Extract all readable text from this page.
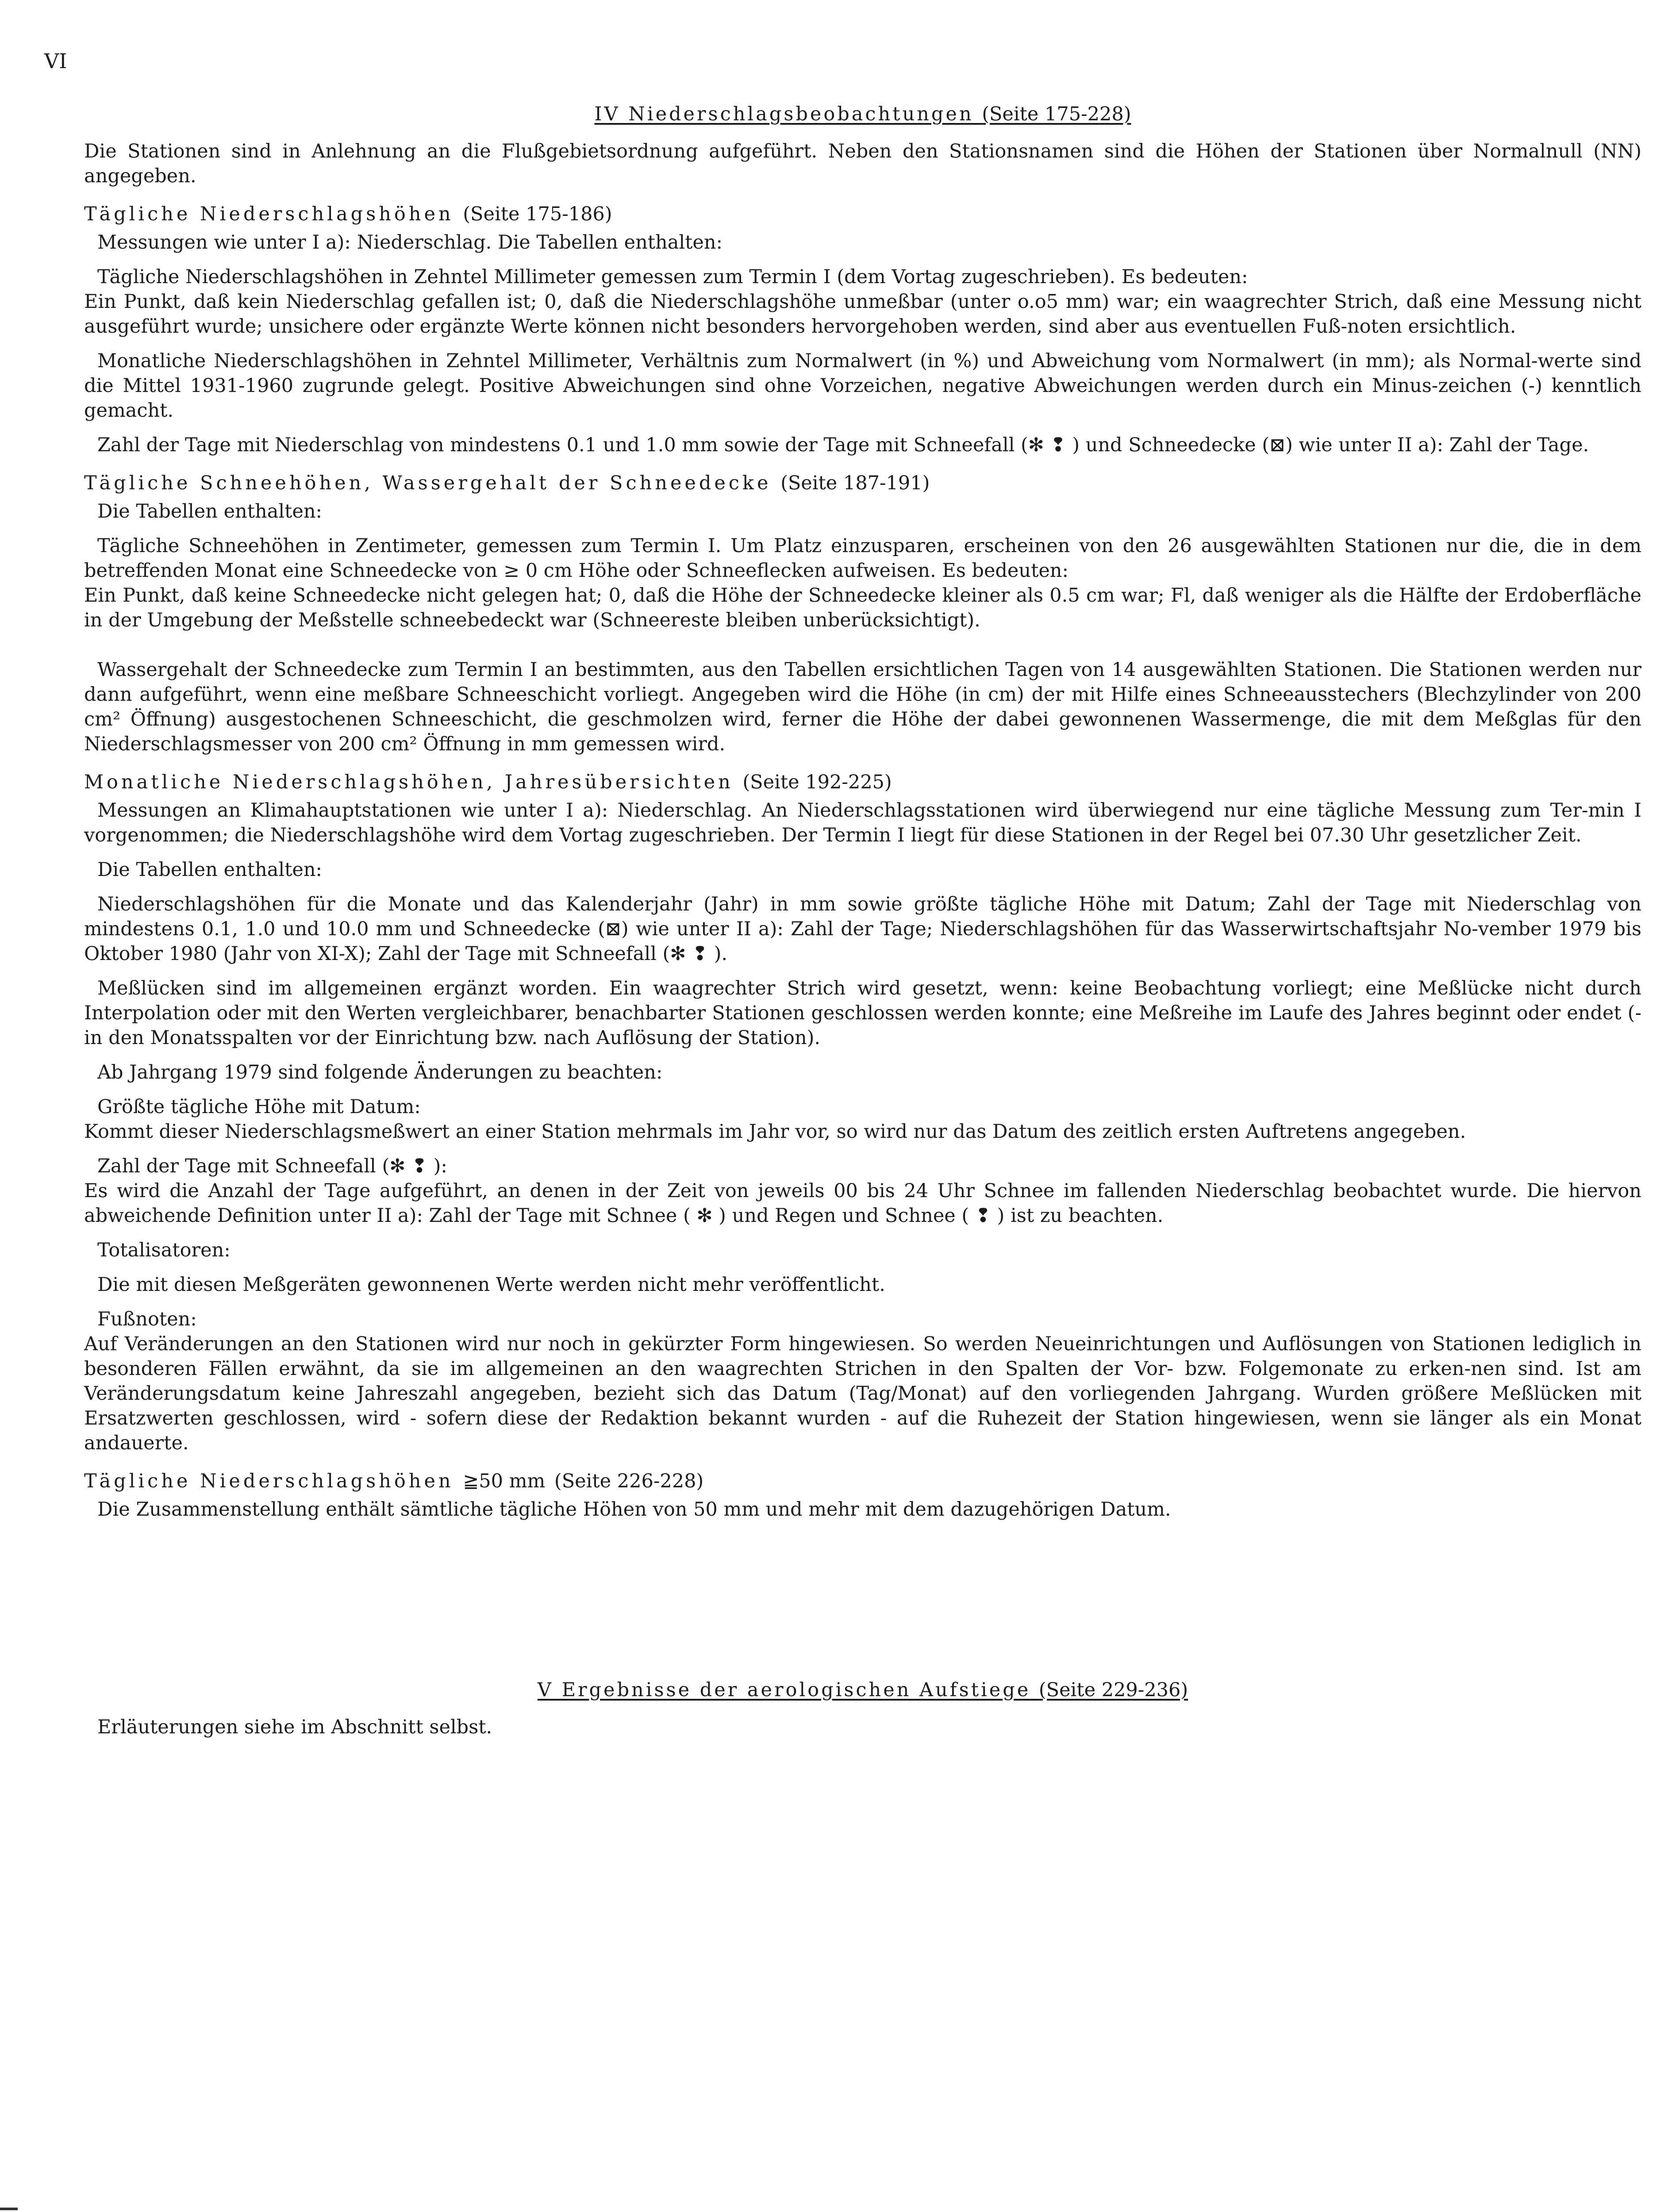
VI
IV Niederschlagsbeobachtungen (Seite 175-228)

Die Stationen sind in Anlehnung an die Flußgebietsordnung aufgeführt. Neben den Stationsnamen sind die Höhen der Stationen über Normalnull (NN) angegeben.

Tägliche Niederschlagshöhen (Seite 175-186)

Messungen wie unter I a): Niederschlag. Die Tabellen enthalten:

Tägliche Niederschlagshöhen in Zehntel Millimeter gemessen zum Termin I (dem Vortag zugeschrieben). Es bedeuten:
Ein Punkt, daß kein Niederschlag gefallen ist; 0, daß die Niederschlagshöhe unmeßbar (unter o.o5 mm) war; ein waagrechter Strich, daß eine Messung nicht ausgeführt wurde; unsichere oder ergänzte Werte können nicht besonders hervorgehoben werden, sind aber aus eventuellen Fuß-noten ersichtlich.

Monatliche Niederschlagshöhen in Zehntel Millimeter, Verhältnis zum Normalwert (in %) und Abweichung vom Normalwert (in mm); als Normal-werte sind die Mittel 1931-1960 zugrunde gelegt. Positive Abweichungen sind ohne Vorzeichen, negative Abweichungen werden durch ein Minus-zeichen (-) kenntlich gemacht.

Zahl der Tage mit Niederschlag von mindestens 0.1 und 1.0 mm sowie der Tage mit Schneefall (✻ ❢ ) und Schneedecke (⊠) wie unter II a): Zahl der Tage.

Tägliche Schneehöhen, Wassergehalt der Schneedecke (Seite 187-191)

Die Tabellen enthalten:

Tägliche Schneehöhen in Zentimeter, gemessen zum Termin I. Um Platz einzusparen, erscheinen von den 26 ausgewählten Stationen nur die, die in dem betreffenden Monat eine Schneedecke von ≥ 0 cm Höhe oder Schneeflecken aufweisen. Es bedeuten:
Ein Punkt, daß keine Schneedecke nicht gelegen hat; 0, daß die Höhe der Schneedecke kleiner als 0.5 cm war; Fl, daß weniger als die Hälfte der Erdoberfläche in der Umgebung der Meßstelle schneebedeckt war (Schneereste bleiben unberücksichtigt).

Wassergehalt der Schneedecke zum Termin I an bestimmten, aus den Tabellen ersichtlichen Tagen von 14 ausgewählten Stationen. Die Stationen werden nur dann aufgeführt, wenn eine meßbare Schneeschicht vorliegt. Angegeben wird die Höhe (in cm) der mit Hilfe eines Schneeausstechers (Blechzylinder von 200 cm² Öffnung) ausgestochenen Schneeschicht, die geschmolzen wird, ferner die Höhe der dabei gewonnenen Wassermenge, die mit dem Meßglas für den Niederschlagsmesser von 200 cm² Öffnung in mm gemessen wird.

Monatliche Niederschlagshöhen, Jahresübersichten (Seite 192-225)

Messungen an Klimahauptstationen wie unter I a): Niederschlag. An Niederschlagsstationen wird überwiegend nur eine tägliche Messung zum Ter-min I vorgenommen; die Niederschlagshöhe wird dem Vortag zugeschrieben. Der Termin I liegt für diese Stationen in der Regel bei 07.30 Uhr gesetzlicher Zeit.

Die Tabellen enthalten:

Niederschlagshöhen für die Monate und das Kalenderjahr (Jahr) in mm sowie größte tägliche Höhe mit Datum; Zahl der Tage mit Niederschlag von mindestens 0.1, 1.0 und 10.0 mm und Schneedecke (⊠) wie unter II a): Zahl der Tage; Niederschlagshöhen für das Wasserwirtschaftsjahr No-vember 1979 bis Oktober 1980 (Jahr von XI-X); Zahl der Tage mit Schneefall (✻ ❢ ).

Meßlücken sind im allgemeinen ergänzt worden. Ein waagrechter Strich wird gesetzt, wenn: keine Beobachtung vorliegt; eine Meßlücke nicht durch Interpolation oder mit den Werten vergleichbarer, benachbarter Stationen geschlossen werden konnte; eine Meßreihe im Laufe des Jahres beginnt oder endet (- in den Monatsspalten vor der Einrichtung bzw. nach Auflösung der Station).

Ab Jahrgang 1979 sind folgende Änderungen zu beachten:

Größte tägliche Höhe mit Datum:
Kommt dieser Niederschlagsmeßwert an einer Station mehrmals im Jahr vor, so wird nur das Datum des zeitlich ersten Auftretens angegeben.

Zahl der Tage mit Schneefall (✻ ❢ ):
Es wird die Anzahl der Tage aufgeführt, an denen in der Zeit von jeweils 00 bis 24 Uhr Schnee im fallenden Niederschlag beobachtet wurde. Die hiervon abweichende Definition unter II a): Zahl der Tage mit Schnee ( ✻ ) und Regen und Schnee ( ❢ ) ist zu beachten.

Totalisatoren:

Die mit diesen Meßgeräten gewonnenen Werte werden nicht mehr veröffentlicht.

Fußnoten:
Auf Veränderungen an den Stationen wird nur noch in gekürzter Form hingewiesen. So werden Neueinrichtungen und Auflösungen von Stationen lediglich in besonderen Fällen erwähnt, da sie im allgemeinen an den waagrechten Strichen in den Spalten der Vor- bzw. Folgemonate zu erken-nen sind. Ist am Veränderungsdatum keine Jahreszahl angegeben, bezieht sich das Datum (Tag/Monat) auf den vorliegenden Jahrgang. Wurden größere Meßlücken mit Ersatzwerten geschlossen, wird - sofern diese der Redaktion bekannt wurden - auf die Ruhezeit der Station hingewiesen, wenn sie länger als ein Monat andauerte.

Tägliche Niederschlagshöhen ≧50 mm (Seite 226-228)

Die Zusammenstellung enthält sämtliche tägliche Höhen von 50 mm und mehr mit dem dazugehörigen Datum.

V Ergebnisse der aerologischen Aufstiege (Seite 229-236)

Erläuterungen siehe im Abschnitt selbst.
